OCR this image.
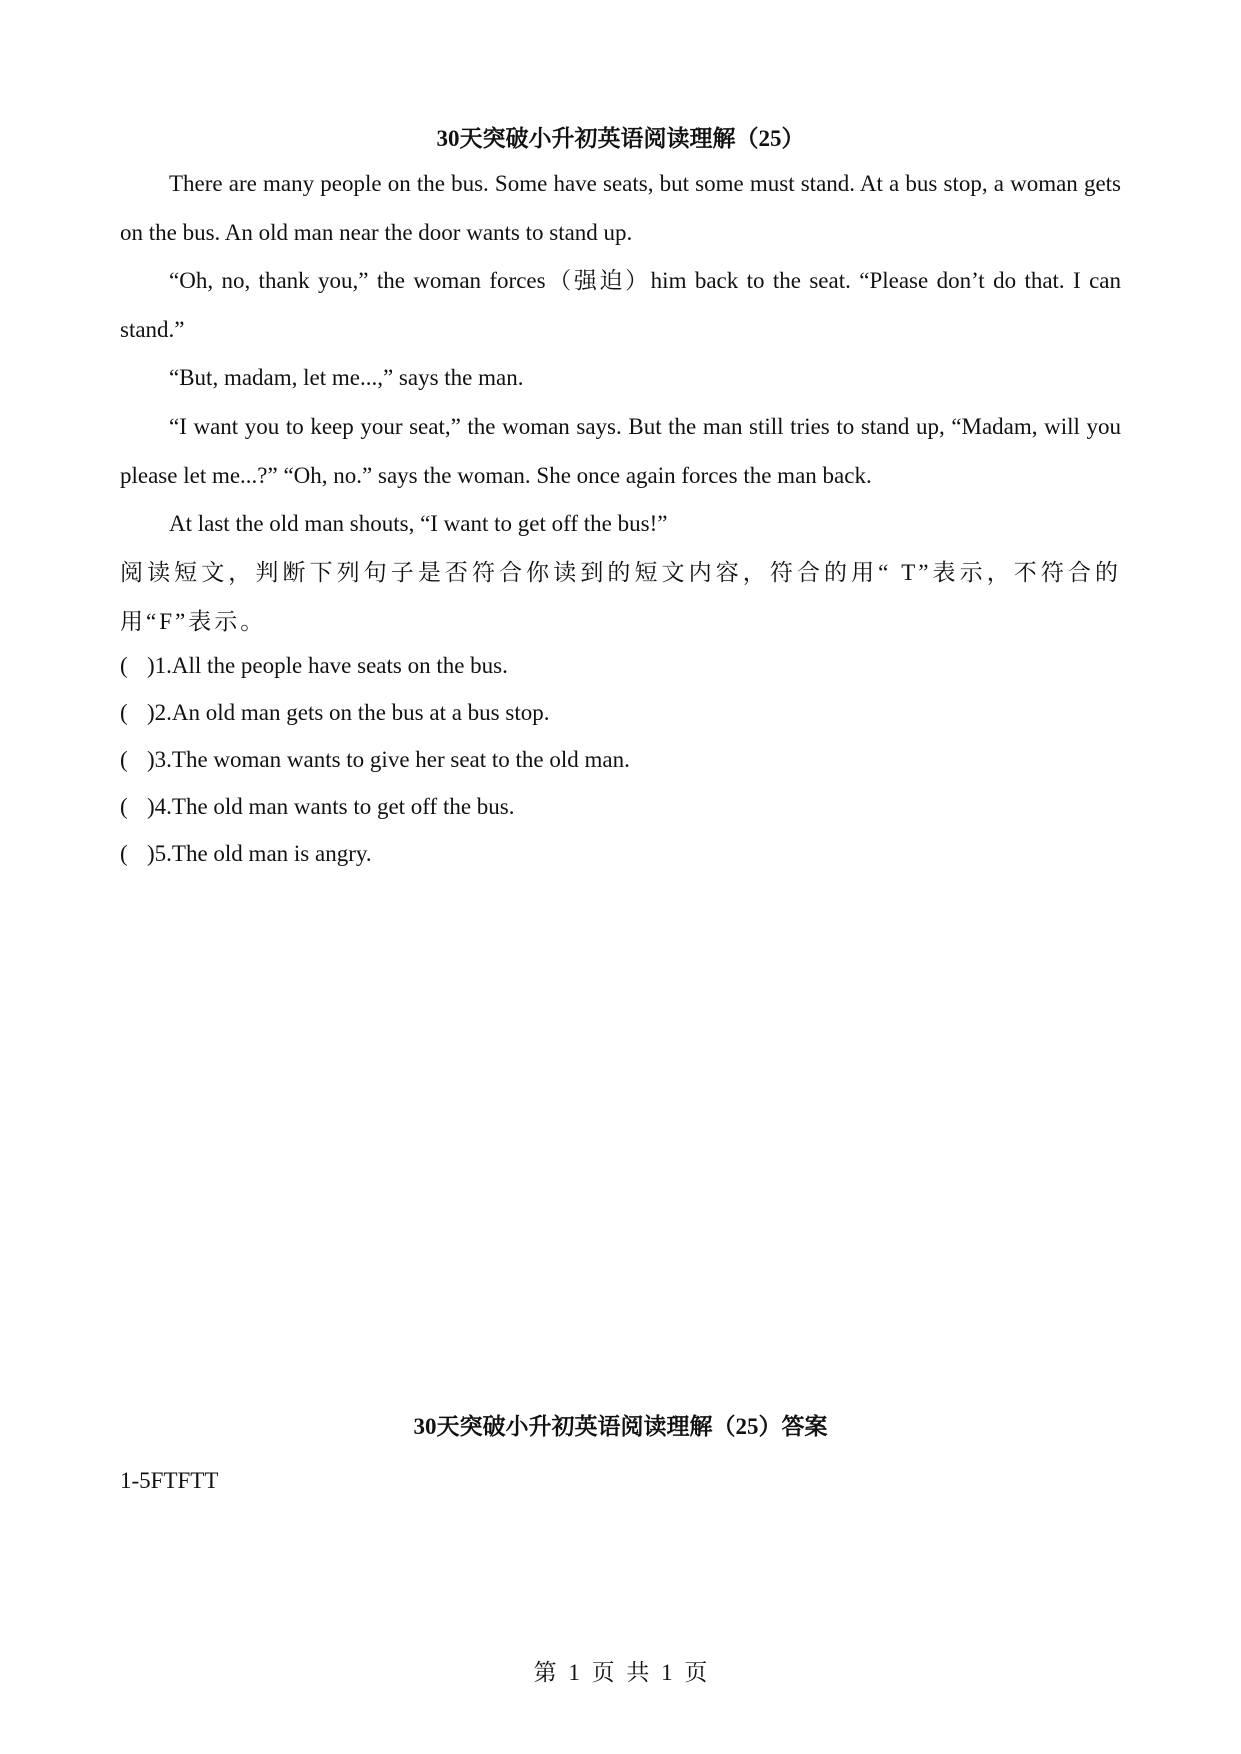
30天突破小升初英语阅读理解（25）
There are many people on the bus. Some have seats, but some must stand. At a bus stop, a woman gets on the bus. An old man near the door wants to stand up.
“Oh, no, thank you,” the woman forces（强迫）him back to the seat. “Please don’t do that. I can stand.”
“But, madam, let me...,” says the man.
“I want you to keep your seat,” the woman says. But the man still tries to stand up, “Madam, will you please let me...?” “Oh, no.” says the woman. She once again forces the man back.
At last the old man shouts, “I want to get off the bus!”
阅读短文，判断下列句子是否符合你读到的短文内容，符合的用“ T”表示，不符合的用“F”表示。
( )1.All the people have seats on the bus.
( )2.An old man gets on the bus at a bus stop.
( )3.The woman wants to give her seat to the old man.
( )4.The old man wants to get off the bus.
( )5.The old man is angry.
30天突破小升初英语阅读理解（25）答案
1-5FTFTT
第 1 页 共 1 页
